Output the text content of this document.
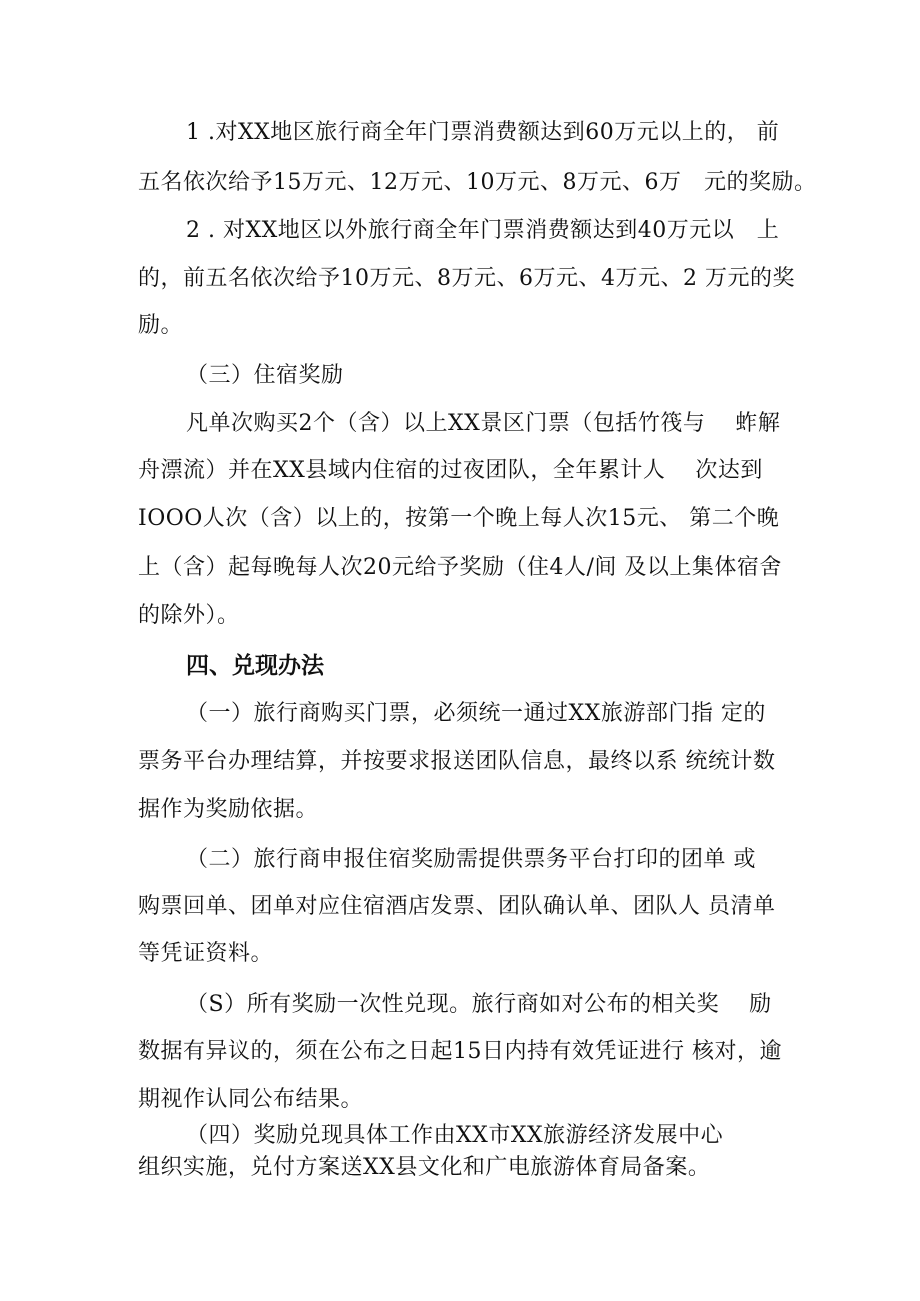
1 .对XX地区旅行商全年门票消费额达到60万元以上的， 前
五名依次给予15万元、12万元、10万元、8万元、6万　元的奖励。
2 . 对XX地区以外旅行商全年门票消费额达到40万元以　上
的，前五名依次给予10万元、8万元、6万元、4万元、2 万元的奖
励。
（三）住宿奖励
凡单次购买2个（含）以上XX景区门票（包括竹筏与　 蚱解
舟漂流）并在XX县域内住宿的过夜团队，全年累计人　 次达到
IOOO人次（含）以上的，按第一个晚上每人次15元、 第二个晚
上（含）起每晚每人次20元给予奖励（住4人/间 及以上集体宿舍
的除外）。
四、兑现办法
（一）旅行商购买门票，必须统一通过XX旅游部门指 定的
票务平台办理结算，并按要求报送团队信息，最终以系 统统计数
据作为奖励依据。
（二）旅行商申报住宿奖励需提供票务平台打印的团单 或
购票回单、团单对应住宿酒店发票、团队确认单、团队人 员清单
等凭证资料。
（S）所有奖励一次性兑现。旅行商如对公布的相关奖　 励
数据有异议的，须在公布之日起15日内持有效凭证进行 核对，逾
期视作认同公布结果。
（四）奖励兑现具体工作由XX市XX旅游经济发展中心
组织实施，兑付方案送XX县文化和广电旅游体育局备案。
